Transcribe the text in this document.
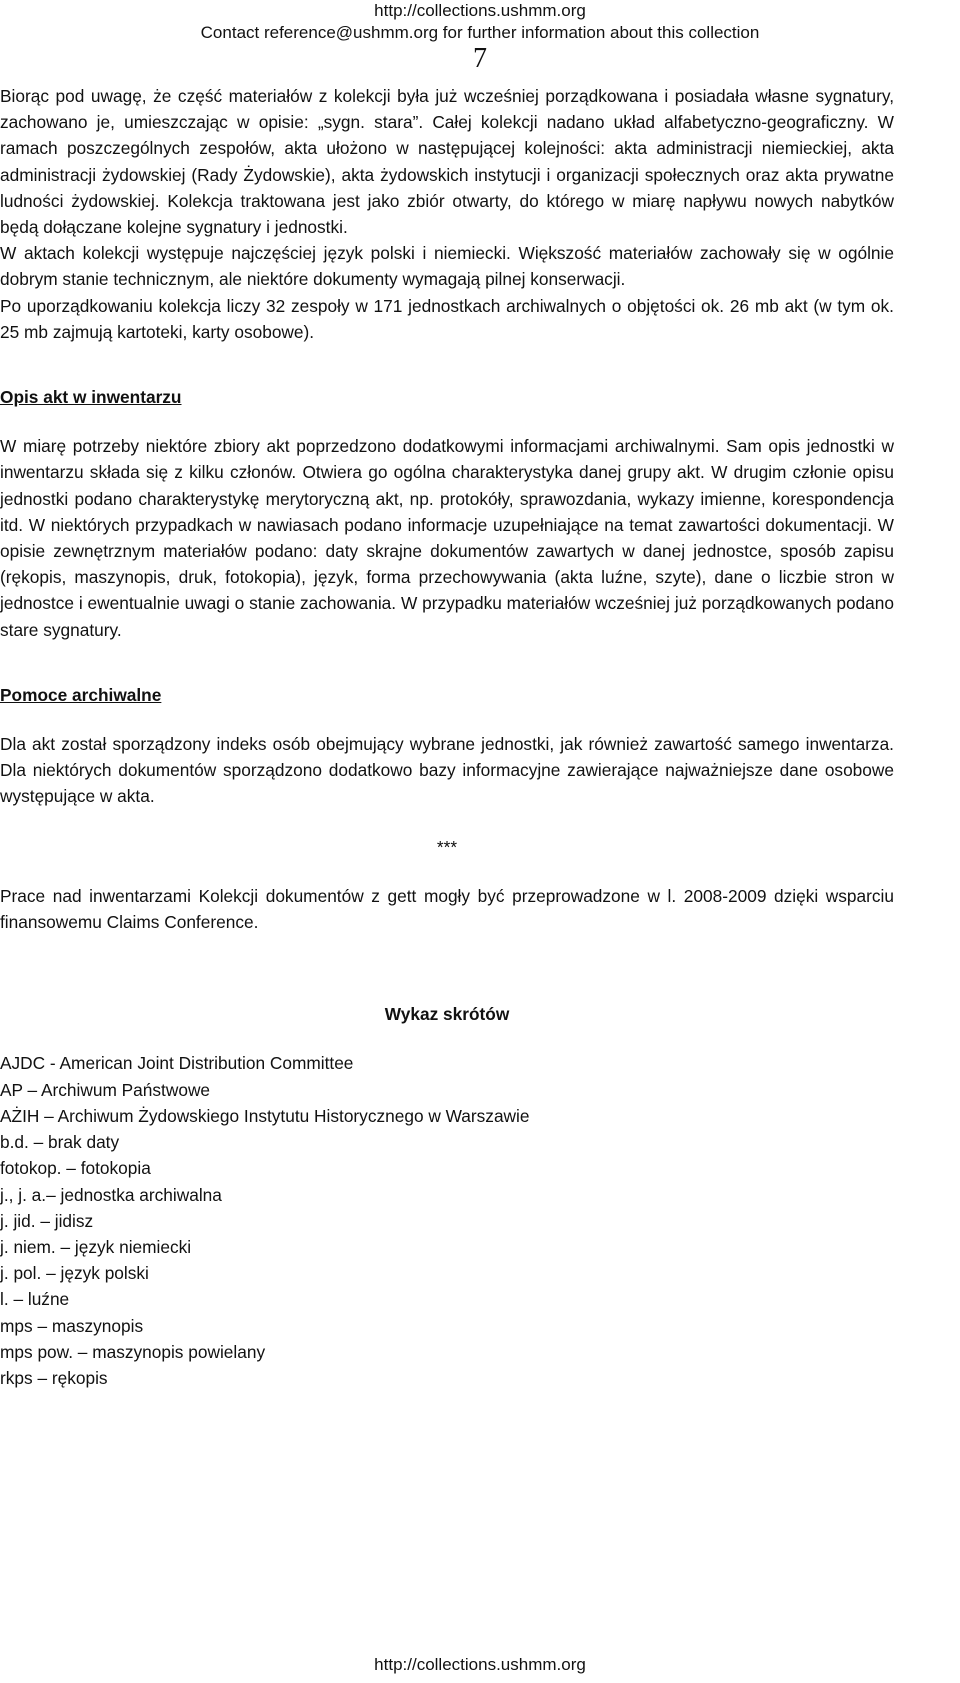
http://collections.ushmm.org
Contact reference@ushmm.org for further information about this collection
7

Biorąc pod uwagę, że część materiałów z kolekcji była już wcześniej porządkowana i posiadała własne sygnatury, zachowano je, umieszczając w opisie: „sygn. stara”. Całej kolekcji nadano układ alfabetyczno-geograficzny. W ramach poszczególnych zespołów, akta ułożono w następującej kolejności: akta administracji niemieckiej, akta administracji żydowskiej (Rady Żydowskie), akta żydowskich instytucji i organizacji społecznych oraz akta prywatne ludności żydowskiej. Kolekcja traktowana jest jako zbiór otwarty, do którego w miarę napływu nowych nabytków będą dołączane kolejne sygnatury i jednostki.

W aktach kolekcji występuje najczęściej język polski i niemiecki. Większość materiałów zachowały się w ogólnie dobrym stanie technicznym, ale niektóre dokumenty wymagają pilnej konserwacji.

Po uporządkowaniu kolekcja liczy 32 zespoły w 171 jednostkach archiwalnych o objętości ok. 26 mb akt (w tym ok. 25 mb zajmują kartoteki, karty osobowe).

Opis akt w inwentarzu

W miarę potrzeby niektóre zbiory akt poprzedzono dodatkowymi informacjami archiwalnymi. Sam opis jednostki w inwentarzu składa się z kilku członów. Otwiera go ogólna charakterystyka danej grupy akt. W drugim członie opisu jednostki podano charakterystykę merytoryczną akt, np. protokóły, sprawozdania, wykazy imienne, korespondencja itd. W niektórych przypadkach w nawiasach podano informacje uzupełniające na temat zawartości dokumentacji. W opisie zewnętrznym materiałów podano: daty skrajne dokumentów zawartych w danej jednostce, sposób zapisu (rękopis, maszynopis, druk, fotokopia), język, forma przechowywania (akta luźne, szyte), dane o liczbie stron w jednostce i ewentualnie uwagi o stanie zachowania. W przypadku materiałów wcześniej już porządkowanych podano stare sygnatury.

Pomoce archiwalne

Dla akt został sporządzony indeks osób obejmujący wybrane jednostki, jak również zawartość samego inwentarza. Dla niektórych dokumentów sporządzono dodatkowo bazy informacyjne zawierające najważniejsze dane osobowe występujące w akta.

***

Prace nad inwentarzami Kolekcji dokumentów z gett mogły być przeprowadzone w l. 2008-2009 dzięki wsparciu finansowemu Claims Conference.

Wykaz skrótów

AJDC - American Joint Distribution Committee
AP – Archiwum Państwowe
AŻIH – Archiwum Żydowskiego Instytutu Historycznego w Warszawie
b.d. – brak daty
fotokop. – fotokopia
j., j. a.– jednostka archiwalna
j. jid. – jidisz
j. niem. – język niemiecki
j. pol. – język polski
l. – luźne
mps – maszynopis
mps pow. – maszynopis powielany
rkps – rękopis
http://collections.ushmm.org
